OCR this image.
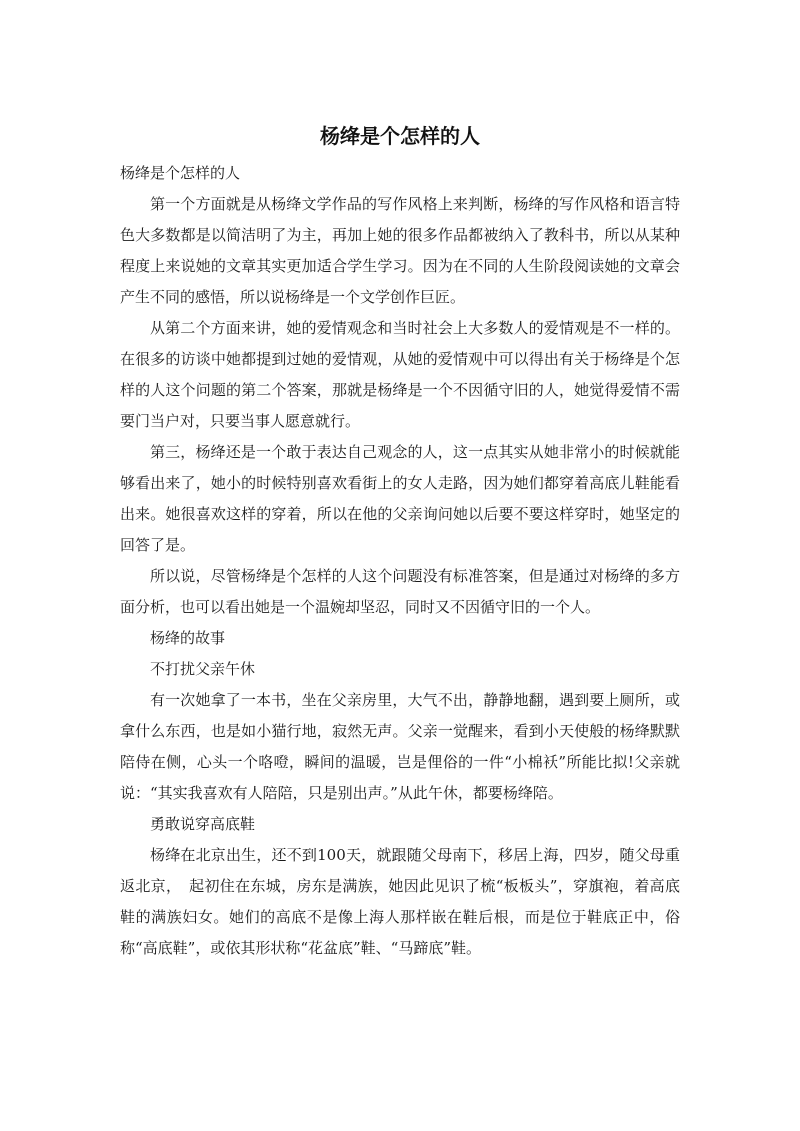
杨绛是个怎样的人

杨绛是个怎样的人

第一个方面就是从杨绛文学作品的写作风格上来判断，杨绛的写作风格和语言特色大多数都是以简洁明了为主，再加上她的很多作品都被纳入了教科书，所以从某种程度上来说她的文章其实更加适合学生学习。因为在不同的人生阶段阅读她的文章会产生不同的感悟，所以说杨绛是一个文学创作巨匠。

从第二个方面来讲，她的爱情观念和当时社会上大多数人的爱情观是不一样的。在很多的访谈中她都提到过她的爱情观，从她的爱情观中可以得出有关于杨绛是个怎样的人这个问题的第二个答案，那就是杨绛是一个不因循守旧的人，她觉得爱情不需要门当户对，只要当事人愿意就行。

第三，杨绛还是一个敢于表达自己观念的人，这一点其实从她非常小的时候就能够看出来了，她小的时候特别喜欢看街上的女人走路，因为她们都穿着高底儿鞋能看出来。她很喜欢这样的穿着，所以在他的父亲询问她以后要不要这样穿时，她坚定的回答了是。

所以说，尽管杨绛是个怎样的人这个问题没有标准答案，但是通过对杨绛的多方面分析，也可以看出她是一个温婉却坚忍，同时又不因循守旧的一个人。

杨绛的故事

不打扰父亲午休

有一次她拿了一本书，坐在父亲房里，大气不出，静静地翻，遇到要上厕所，或拿什么东西，也是如小猫行地，寂然无声。父亲一觉醒来，看到小天使般的杨绛默默陪侍在侧，心头一个咯噔，瞬间的温暖，岂是俚俗的一件“小棉袄”所能比拟!父亲就说：“其实我喜欢有人陪陪，只是别出声。”从此午休，都要杨绛陪。

勇敢说穿高底鞋

杨绛在北京出生，还不到100天，就跟随父母南下，移居上海，四岁，随父母重返北京，　起初住在东城，房东是满族，她因此见识了梳“板板头”，穿旗袍，着高底鞋的满族妇女。她们的高底不是像上海人那样嵌在鞋后根，而是位于鞋底正中，俗称“高底鞋”，或依其形状称“花盆底”鞋、“马蹄底”鞋。
